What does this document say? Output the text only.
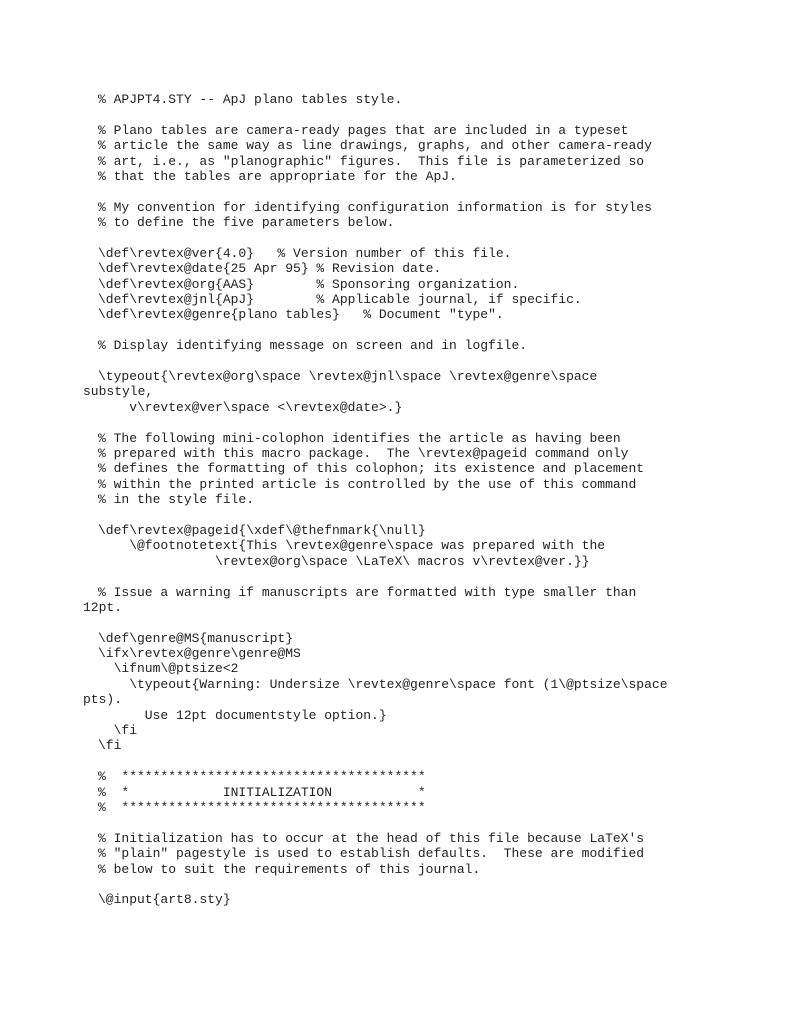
% APJPT4.STY -- ApJ plano tables style.
% Plano tables are camera-ready pages that are included in a typeset
% article the same way as line drawings, graphs, and other camera-ready
% art, i.e., as "planographic" figures.  This file is parameterized so
% that the tables are appropriate for the ApJ.
% My convention for identifying configuration information is for styles
% to define the five parameters below.
\def\revtex@ver{4.0}   % Version number of this file.
\def\revtex@date{25 Apr 95} % Revision date.
\def\revtex@org{AAS}        % Sponsoring organization.
\def\revtex@jnl{ApJ}        % Applicable journal, if specific.
\def\revtex@genre{plano tables}   % Document "type".
% Display identifying message on screen and in logfile.
\typeout{\revtex@org\space \revtex@jnl\space \revtex@genre\space
substyle,
v\revtex@ver\space <\revtex@date>.}
% The following mini-colophon identifies the article as having been
% prepared with this macro package.  The \revtex@pageid command only
% defines the formatting of this colophon; its existence and placement
% within the printed article is controlled by the use of this command
% in the style file.
\def\revtex@pageid{\xdef\@thefnmark{\null}
\@footnotetext{This \revtex@genre\space was prepared with the
\revtex@org\space \LaTeX\ macros v\revtex@ver.}}
% Issue a warning if manuscripts are formatted with type smaller than
12pt.
\def\genre@MS{manuscript}
\ifx\revtex@genre\genre@MS
\ifnum\@ptsize<2
\typeout{Warning: Undersize \revtex@genre\space font (1\@ptsize\space
pts).
Use 12pt documentstyle option.}
\fi
\fi
%  ***************************************
%  *            INITIALIZATION           *
%  ***************************************
% Initialization has to occur at the head of this file because LaTeX's
% "plain" pagestyle is used to establish defaults.  These are modified
% below to suit the requirements of this journal.
\@input{art8.sty}
